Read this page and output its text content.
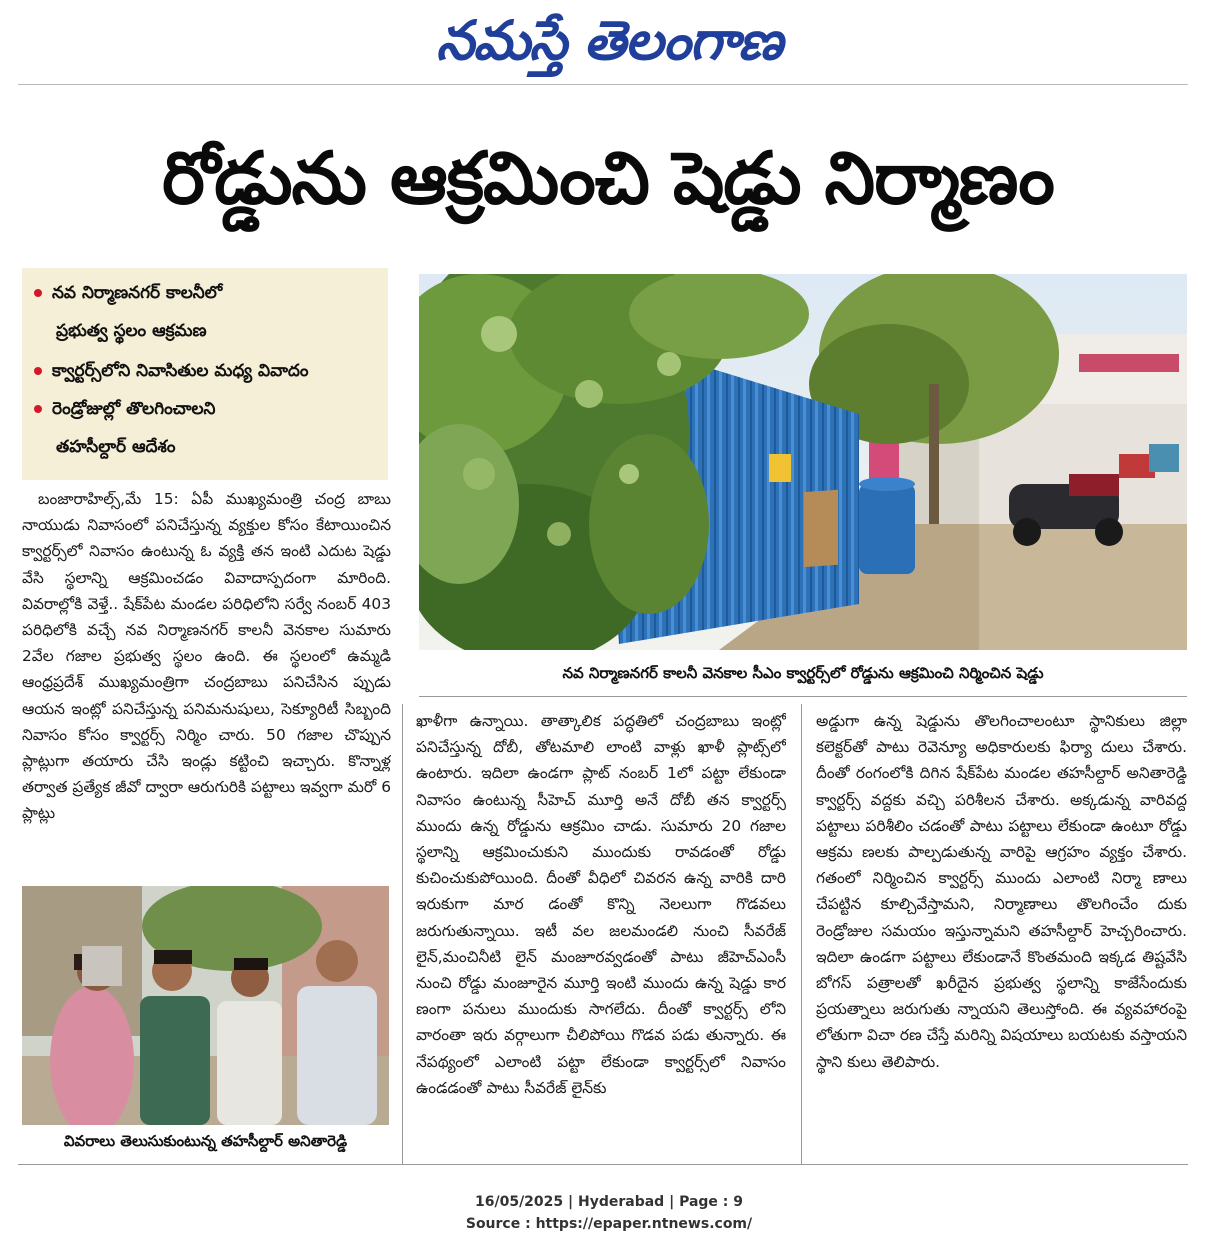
నమస్తే తెలంగాణ
రోడ్డును ఆక్రమించి షెడ్డు నిర్మాణం
నవ నిర్మాణనగర్ కాలనీలో
ప్రభుత్వ స్థలం ఆక్రమణ
క్వార్టర్స్‌లోని నివాసితుల మధ్య వివాదం
రెండ్రోజుల్లో తొలగించాలని
తహసీల్దార్ ఆదేశం
నవ నిర్మాణనగర్ కాలనీ వెనకాల సీఎం క్వార్టర్స్‌లో రోడ్డును ఆక్రమించి నిర్మించిన షెడ్డు

బంజారాహిల్స్,మే 15: ఏపీ ముఖ్యమంత్రి చంద్ర బాబు నాయుడు నివాసంలో పనిచేస్తున్న వ్యక్తుల కోసం కేటాయించిన క్వార్టర్స్‌లో నివాసం ఉంటున్న ఓ వ్యక్తి తన ఇంటి ఎదుట షెడ్డు వేసి స్థలాన్ని ఆక్రమించడం వివాదాస్పదంగా మారింది. వివరాల్లోకి వెళ్తే.. షేక్‌పేట మండల పరిధిలోని సర్వే నంబర్ 403 పరిధిలోకి వచ్చే నవ నిర్మాణనగర్ కాలనీ వెనకాల సుమారు 2వేల గజాల ప్రభుత్వ స్థలం ఉంది. ఈ స్థలంలో ఉమ్మడి ఆంధ్రప్రదేశ్ ముఖ్యమంత్రిగా చంద్రబాబు పనిచేసిన ప్పుడు ఆయన ఇంట్లో పనిచేస్తున్న పనిమనుషులు, సెక్యూరిటీ సిబ్బంది నివాసం కోసం క్వార్టర్స్ నిర్మిం చారు. 50 గజాల చొప్పున ప్లాట్లుగా తయారు చేసి ఇండ్లు కట్టించి ఇచ్చారు. కొన్నాళ్ల తర్వాత ప్రత్యేక జీవో ద్వారా ఆరుగురికి పట్టాలు ఇవ్వగా మరో 6 ప్లాట్లు

వివరాలు తెలుసుకుంటున్న తహసీల్దార్ అనితారెడ్డి

ఖాళీగా ఉన్నాయి. తాత్కాలిక పద్ధతిలో చంద్రబాబు ఇంట్లో పనిచేస్తున్న దోబీ, తోటమాలి లాంటి వాళ్లు ఖాళీ ప్లాట్స్‌లో ఉంటారు. ఇదిలా ఉండగా ప్లాట్ నంబర్ 1లో పట్టా లేకుండా నివాసం ఉంటున్న సీహెచ్ మూర్తి అనే దోబీ తన క్వార్టర్స్ ముందు ఉన్న రోడ్డును ఆక్రమిం చాడు. సుమారు 20 గజాల స్థలాన్ని ఆక్రమించుకుని ముందుకు రావడంతో రోడ్డు కుచించుకుపోయింది. దీంతో వీధిలో చివరన ఉన్న వారికి దారి ఇరుకుగా మార డంతో కొన్ని నెలలుగా గొడవలు జరుగుతున్నాయి. ఇటీ వల జలమండలి నుంచి సీవరేజ్ లైన్,మంచినీటి లైన్ మంజూరవ్వడంతో పాటు జీహెచ్ఎంసీ నుంచి రోడ్డు మంజూరైన మూర్తి ఇంటి ముందు ఉన్న షెడ్డు కార ణంగా పనులు ముందుకు సాగలేదు. దీంతో క్వార్టర్స్ లోని వారంతా ఇరు వర్గాలుగా చీలిపోయి గొడవ పడు తున్నారు. ఈ నేపథ్యంలో ఎలాంటి పట్టా లేకుండా క్వార్టర్స్‌లో నివాసం ఉండడంతో పాటు సీవరేజ్ లైన్‌కు

అడ్డుగా ఉన్న షెడ్డును తొలగించాలంటూ స్థానికులు జిల్లా కలెక్టర్‌తో పాటు రెవెన్యూ అధికారులకు ఫిర్యా దులు చేశారు. దీంతో రంగంలోకి దిగిన షేక్‌పేట మండల తహసీల్దార్ అనితారెడ్డి క్వార్టర్స్ వద్దకు వచ్చి పరిశీలన చేశారు. అక్కడున్న వారివద్ద పట్టాలు పరిశీలిం చడంతో పాటు పట్టాలు లేకుండా ఉంటూ రోడ్డు ఆక్రమ ణలకు పాల్పడుతున్న వారిపై ఆగ్రహం వ్యక్తం చేశారు. గతంలో నిర్మించిన క్వార్టర్స్ ముందు ఎలాంటి నిర్మా ణాలు చేపట్టిన కూల్చివేస్తామని, నిర్మాణాలు తొలగించేం దుకు రెండ్రోజుల సమయం ఇస్తున్నామని తహసీల్దార్ హెచ్చరించారు. ఇదిలా ఉండగా పట్టాలు లేకుండానే కొంతమంది ఇక్కడ తిష్టవేసి బోగస్ పత్రాలతో ఖరీదైన ప్రభుత్వ స్థలాన్ని కాజేసేందుకు ప్రయత్నాలు జరుగుతు న్నాయని తెలుస్తోంది. ఈ వ్యవహారంపై లోతుగా విచా రణ చేస్తే మరిన్ని విషయాలు బయటకు వస్తాయని స్థాని కులు తెలిపారు.

16/05/2025 | Hyderabad | Page : 9
Source : https://epaper.ntnews.com/
